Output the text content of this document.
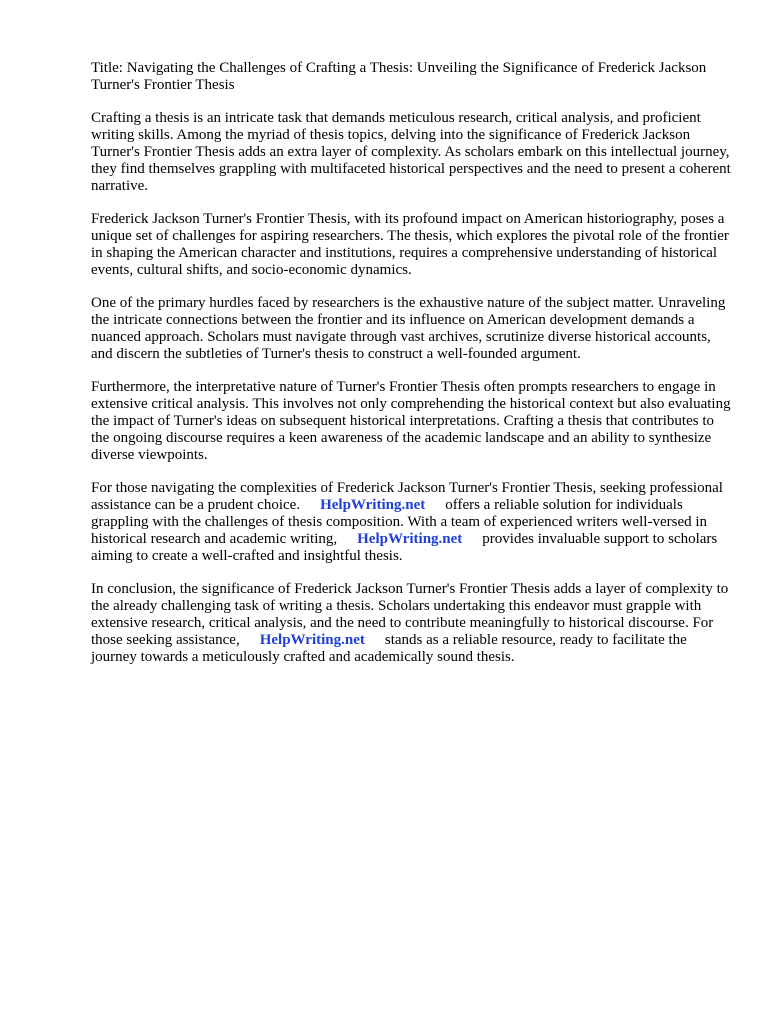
Title: Navigating the Challenges of Crafting a Thesis: Unveiling the Significance of Frederick Jackson Turner's Frontier Thesis

Crafting a thesis is an intricate task that demands meticulous research, critical analysis, and proficient writing skills. Among the myriad of thesis topics, delving into the significance of Frederick Jackson Turner's Frontier Thesis adds an extra layer of complexity. As scholars embark on this intellectual journey, they find themselves grappling with multifaceted historical perspectives and the need to present a coherent narrative.

Frederick Jackson Turner's Frontier Thesis, with its profound impact on American historiography, poses a unique set of challenges for aspiring researchers. The thesis, which explores the pivotal role of the frontier in shaping the American character and institutions, requires a comprehensive understanding of historical events, cultural shifts, and socio-economic dynamics.

One of the primary hurdles faced by researchers is the exhaustive nature of the subject matter. Unraveling the intricate connections between the frontier and its influence on American development demands a nuanced approach. Scholars must navigate through vast archives, scrutinize diverse historical accounts, and discern the subtleties of Turner's thesis to construct a well-founded argument.

Furthermore, the interpretative nature of Turner's Frontier Thesis often prompts researchers to engage in extensive critical analysis. This involves not only comprehending the historical context but also evaluating the impact of Turner's ideas on subsequent historical interpretations. Crafting a thesis that contributes to the ongoing discourse requires a keen awareness of the academic landscape and an ability to synthesize diverse viewpoints.

For those navigating the complexities of Frederick Jackson Turner's Frontier Thesis, seeking professional assistance can be a prudent choice. HelpWriting.net offers a reliable solution for individuals grappling with the challenges of thesis composition. With a team of experienced writers well-versed in historical research and academic writing, HelpWriting.net provides invaluable support to scholars aiming to create a well-crafted and insightful thesis.

In conclusion, the significance of Frederick Jackson Turner's Frontier Thesis adds a layer of complexity to the already challenging task of writing a thesis. Scholars undertaking this endeavor must grapple with extensive research, critical analysis, and the need to contribute meaningfully to historical discourse. For those seeking assistance, HelpWriting.net stands as a reliable resource, ready to facilitate the journey towards a meticulously crafted and academically sound thesis.
